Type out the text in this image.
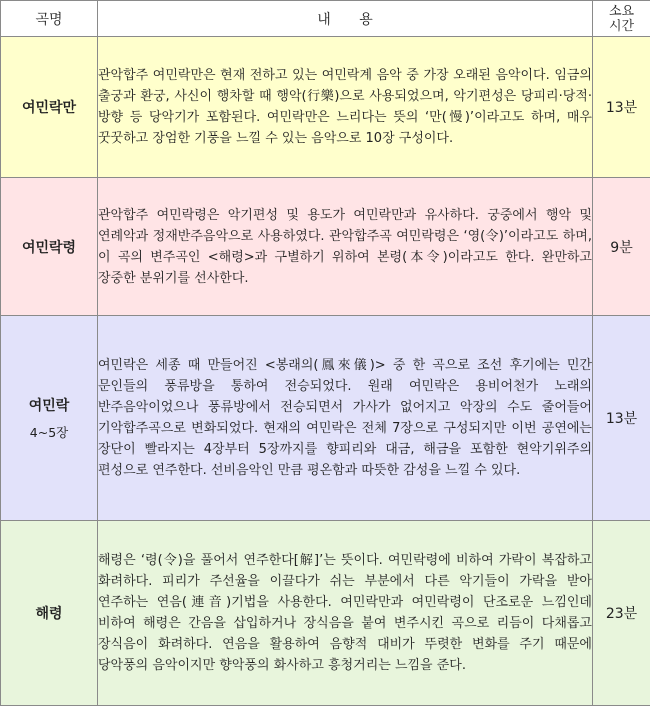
곡명	내 용	소요
시간
여민락만	관악합주 여민락만은 현재 전하고 있는 여민락계 음악 중 가장 오래된 음악이다. 임금의 출궁과 환궁, 사신이 행차할 때 행악(行樂)으로 사용되었으며, 악기편성은 당피리·당적·방향 등 당악기가 포함된다. 여민락만은 느리다는 뜻의 ‘만(慢)’이라고도 하며, 매우 꿋꿋하고 장엄한 기풍을 느낄 수 있는 음악으로 10장 구성이다.	13분
여민락령	관악합주 여민락령은 악기편성 및 용도가 여민락만과 유사하다. 궁중에서 행악 및 연례악과 정재반주음악으로 사용하였다. 관악합주곡 여민락령은 ‘영(令)’이라고도 하며, 이 곡의 변주곡인 <해령>과 구별하기 위하여 본령(本令)이라고도 한다. 완만하고 장중한 분위기를 선사한다.	9분
여민락
4~5장	여민락은 세종 때 만들어진 <봉래의(鳳來儀)> 중 한 곡으로 조선 후기에는 민간 문인들의 풍류방을 통하여 전승되었다. 원래 여민락은 용비어천가 노래의 반주음악이었으나 풍류방에서 전승되면서 가사가 없어지고 악장의 수도 줄어들어 기악합주곡으로 변화되었다. 현재의 여민락은 전체 7장으로 구성되지만 이번 공연에는 장단이 빨라지는 4장부터 5장까지를 향피리와 대금, 해금을 포함한 현악기위주의 편성으로 연주한다. 선비음악인 만큼 평온함과 따뜻한 감성을 느낄 수 있다.	13분
해령	해령은 ‘령(令)을 풀어서 연주한다[解]’는 뜻이다. 여민락령에 비하여 가락이 복잡하고 화려하다. 피리가 주선율을 이끌다가 쉬는 부분에서 다른 악기들이 가락을 받아 연주하는 연음(連音)기법을 사용한다. 여민락만과 여민락령이 단조로운 느낌인데 비하여 해령은 간음을 삽입하거나 장식음을 붙여 변주시킨 곡으로 리듬이 다채롭고 장식음이 화려하다. 연음을 활용하여 음향적 대비가 뚜렷한 변화를 주기 때문에 당악풍의 음악이지만 향악풍의 화사하고 흥청거리는 느낌을 준다.	23분
